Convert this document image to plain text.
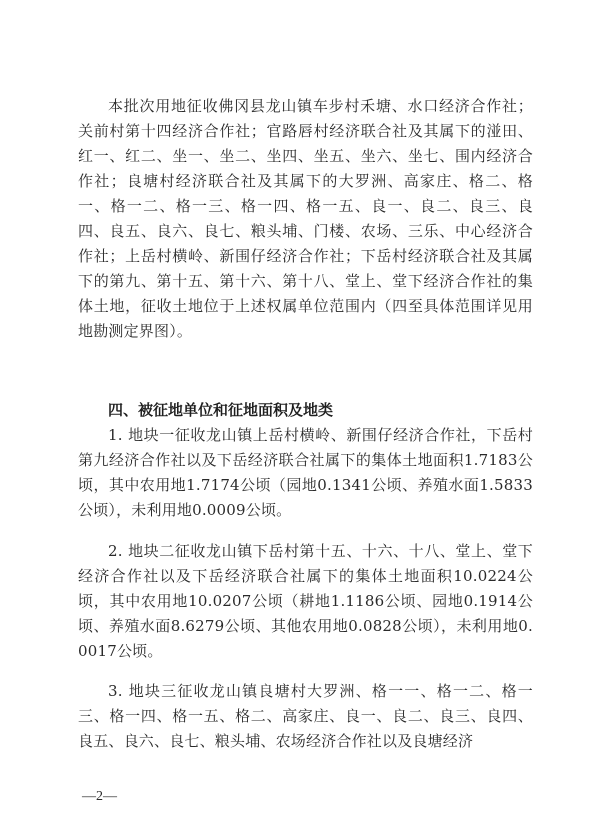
本批次用地征收佛冈县龙山镇车步村禾塘、水口经济合作社；关前村第十四经济合作社；官路唇村经济联合社及其属下的湴田、红一、红二、坐一、坐二、坐四、坐五、坐六、坐七、围内经济合作社；良塘村经济联合社及其属下的大罗洲、高家庄、格二、格一、格一二、格一三、格一四、格一五、良一、良二、良三、良四、良五、良六、良七、粮头埔、门楼、农场、三乐、中心经济合作社；上岳村横岭、新围仔经济合作社；下岳村经济联合社及其属下的第九、第十五、第十六、第十八、堂上、堂下经济合作社的集体土地，征收土地位于上述权属单位范围内（四至具体范围详见用地勘测定界图）。

四、被征地单位和征地面积及地类

1. 地块一征收龙山镇上岳村横岭、新围仔经济合作社，下岳村第九经济合作社以及下岳经济联合社属下的集体土地面积1.7183公顷，其中农用地1.7174公顷（园地0.1341公顷、养殖水面1.5833公顷），未利用地0.0009公顷。

2. 地块二征收龙山镇下岳村第十五、十六、十八、堂上、堂下经济合作社以及下岳经济联合社属下的集体土地面积10.0224公顷，其中农用地10.0207公顷（耕地1.1186公顷、园地0.1914公顷、养殖水面8.6279公顷、其他农用地0.0828公顷），未利用地0.0017公顷。

3. 地块三征收龙山镇良塘村大罗洲、格一一、格一二、格一三、格一四、格一五、格二、高家庄、良一、良二、良三、良四、良五、良六、良七、粮头埔、农场经济合作社以及良塘经济

—2—
